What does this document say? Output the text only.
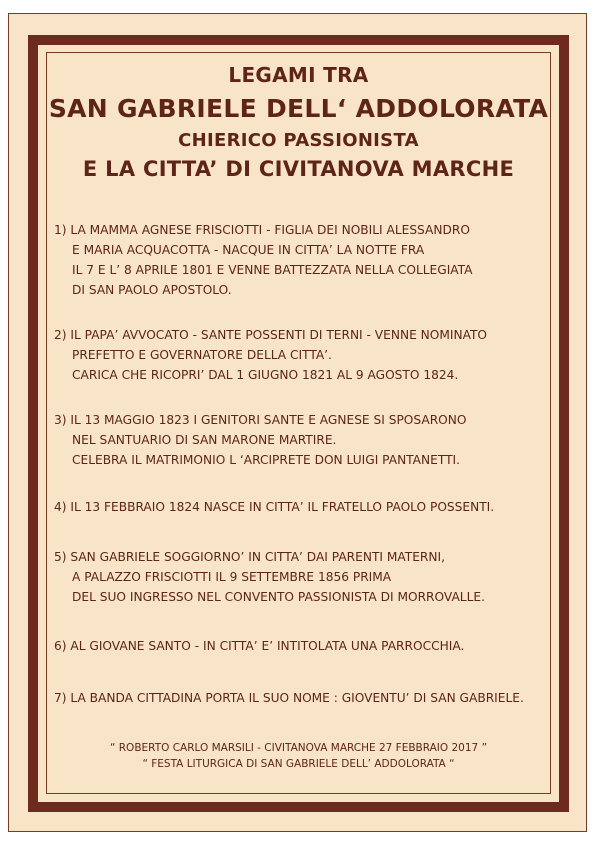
LEGAMI TRA
SAN GABRIELE DELL‘ ADDOLORATA
CHIERICO PASSIONISTA
E LA CITTA’ DI CIVITANOVA MARCHE
1) LA MAMMA AGNESE FRISCIOTTI - FIGLIA DEI NOBILI ALESSANDRO
E MARIA ACQUACOTTA - NACQUE IN CITTA’ LA NOTTE FRA
IL 7 E L’ 8 APRILE 1801 E VENNE BATTEZZATA NELLA COLLEGIATA
DI SAN PAOLO APOSTOLO.
2) IL PAPA’ AVVOCATO - SANTE POSSENTI DI TERNI - VENNE NOMINATO
PREFETTO E GOVERNATORE DELLA CITTA’.
CARICA CHE RICOPRI’ DAL 1 GIUGNO 1821 AL 9 AGOSTO 1824.
3) IL 13 MAGGIO 1823 I GENITORI SANTE E AGNESE SI SPOSARONO
NEL SANTUARIO DI SAN MARONE MARTIRE.
CELEBRA IL MATRIMONIO L ‘ARCIPRETE DON LUIGI PANTANETTI.
4) IL 13 FEBBRAIO 1824 NASCE IN CITTA’ IL FRATELLO PAOLO POSSENTI.
5) SAN GABRIELE SOGGIORNO’ IN CITTA’ DAI PARENTI MATERNI,
A PALAZZO FRISCIOTTI IL 9 SETTEMBRE 1856 PRIMA
DEL SUO INGRESSO NEL CONVENTO PASSIONISTA DI MORROVALLE.
6) AL GIOVANE SANTO - IN CITTA’ E’ INTITOLATA UNA PARROCCHIA.
7) LA BANDA CITTADINA PORTA IL SUO NOME : GIOVENTU’ DI SAN GABRIELE.
“ ROBERTO CARLO MARSILI - CIVITANOVA MARCHE 27 FEBBRAIO 2017 ”
“ FESTA LITURGICA DI SAN GABRIELE DELL’ ADDOLORATA “
